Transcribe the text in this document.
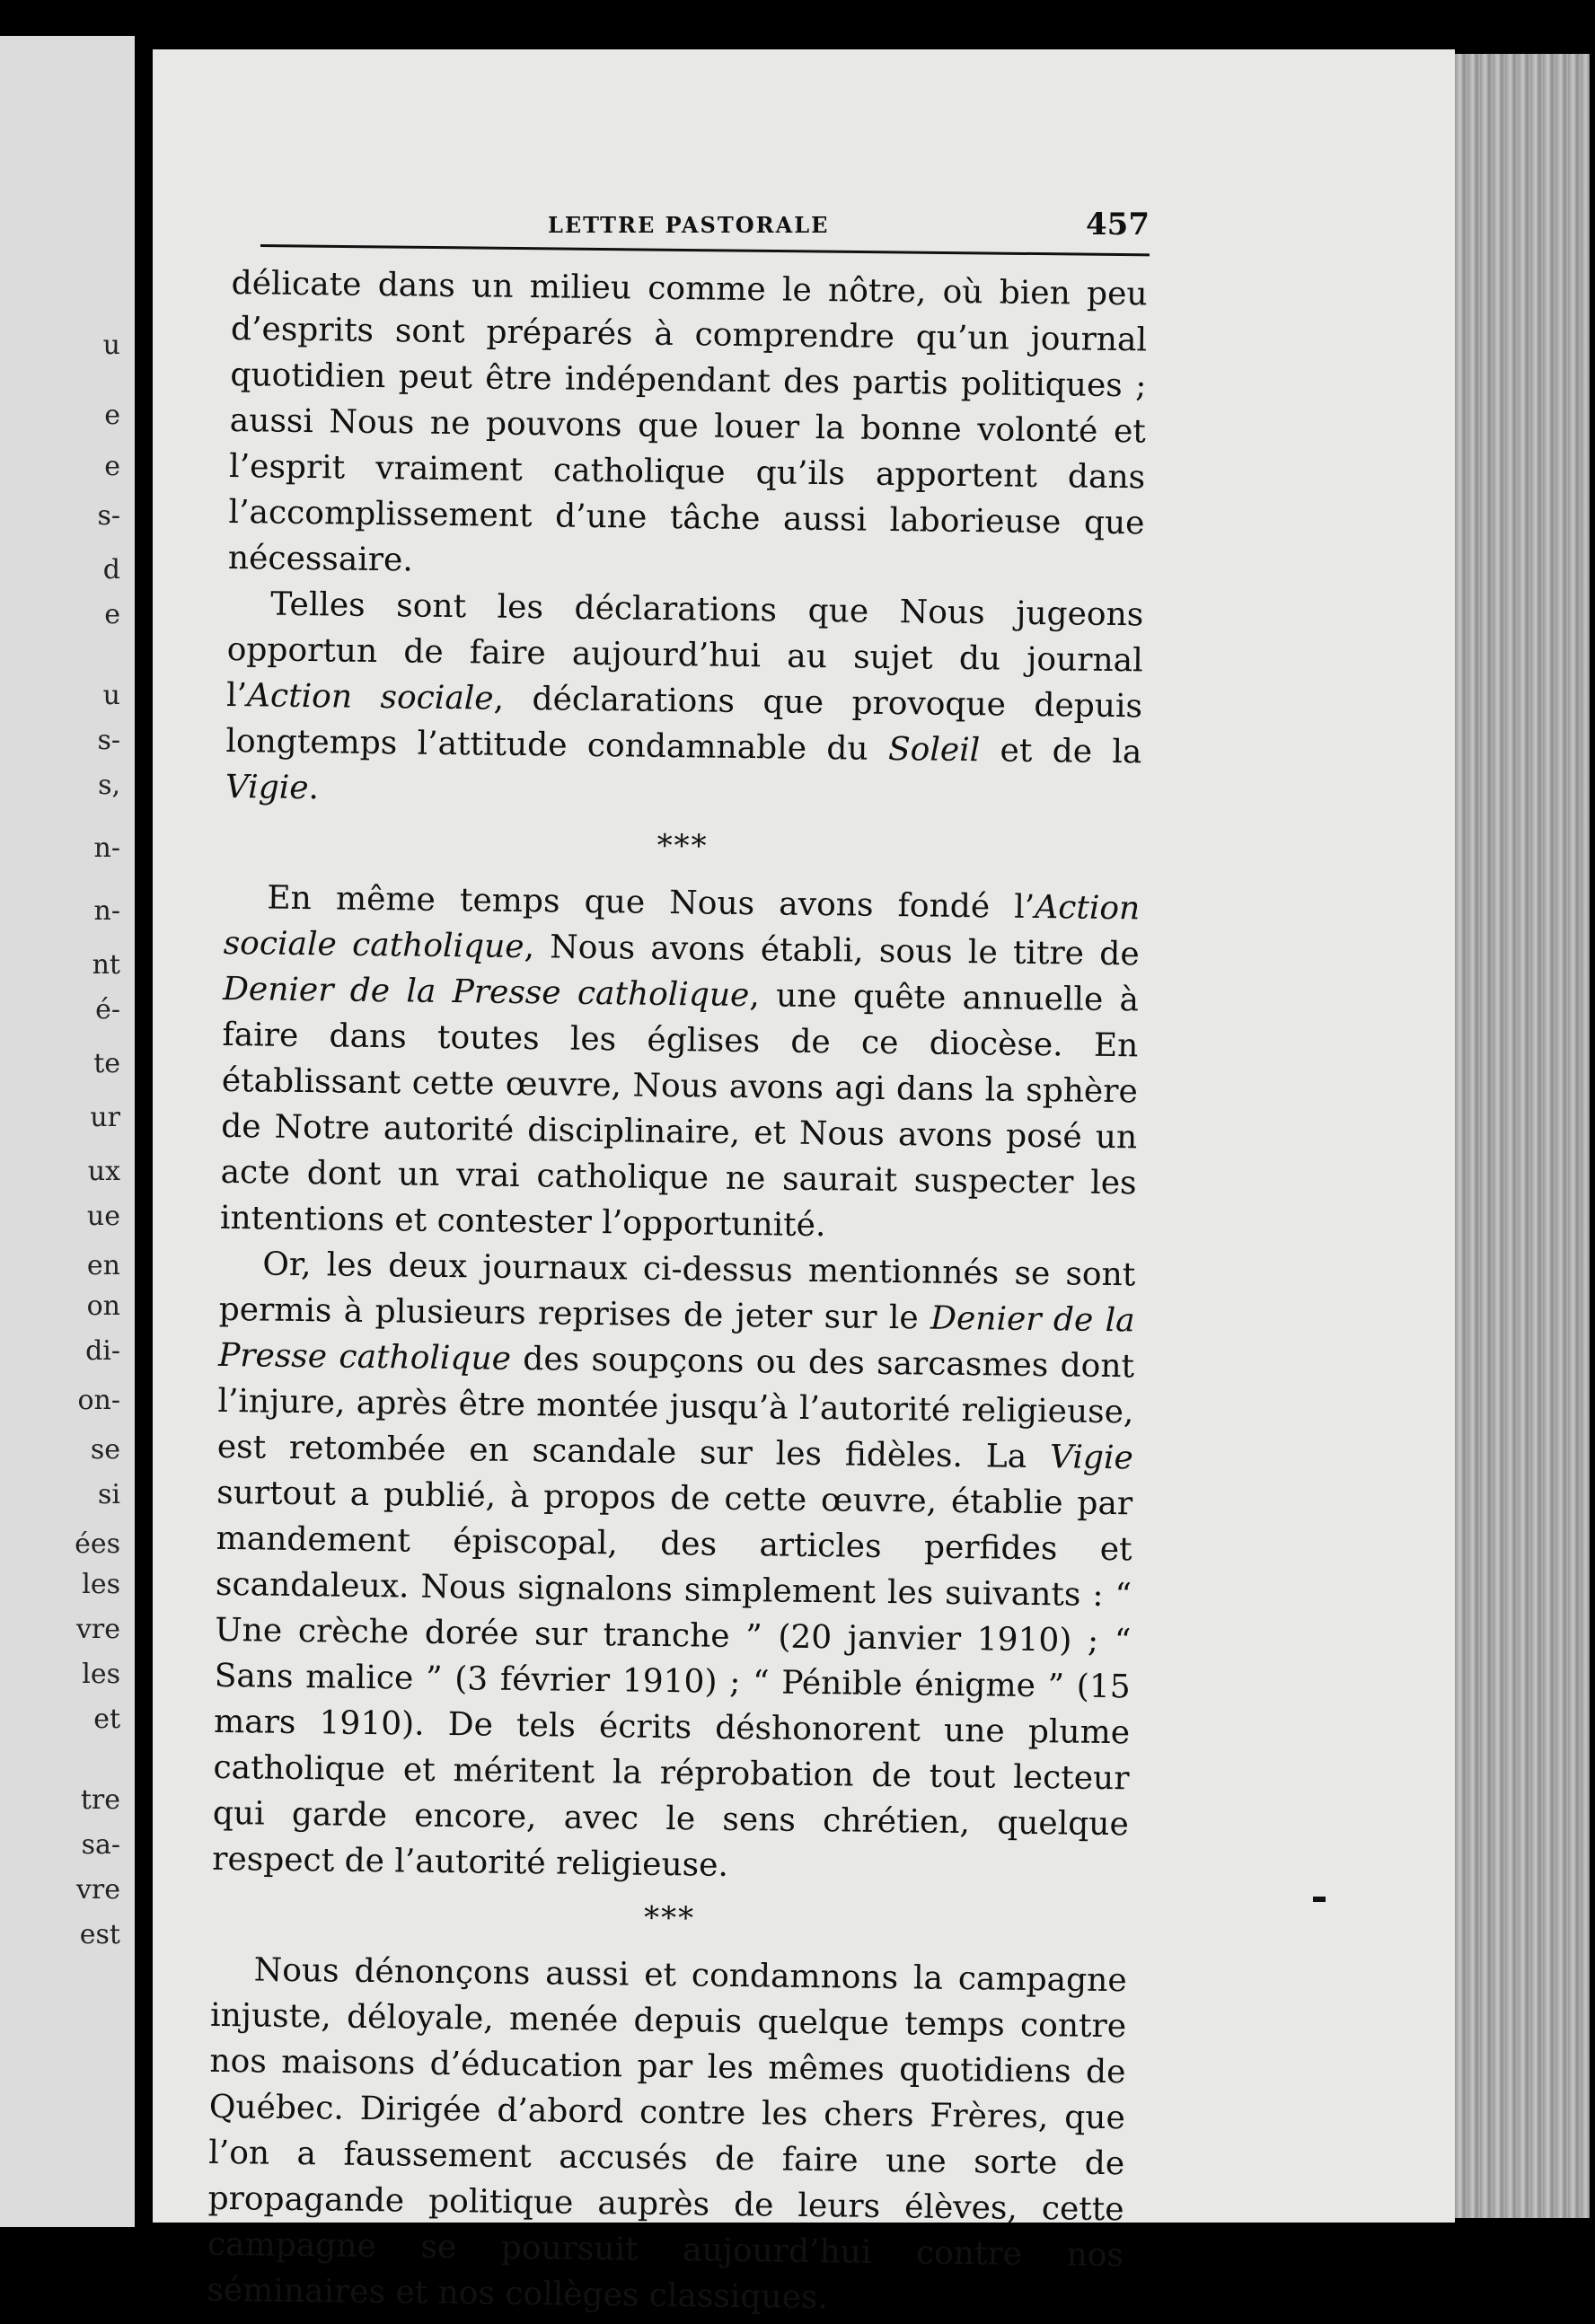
u
e
e
s-
d
e
u
s-
s,
n-
n-
nt
é-
te
ur
ux
ue
en
on
di-
on-
se
si
ées
les
vre
les
et
tre
sa-
vre
est
LETTRE PASTORALE	457

délicate dans un milieu comme le nôtre, où bien peu d’esprits sont préparés à comprendre qu’un journal quotidien peut être indépendant des partis politiques ; aussi Nous ne pouvons que louer la bonne volonté et l’esprit vraiment catholique qu’ils apportent dans l’accomplissement d’une tâche aussi laborieuse que nécessaire.

Telles sont les déclarations que Nous jugeons opportun de faire aujourd’hui au sujet du journal l’Action sociale, déclarations que provoque depuis longtemps l’attitude condamnable du Soleil et de la Vigie.

***

En même temps que Nous avons fondé l’Action sociale catholique, Nous avons établi, sous le titre de Denier de la Presse catholique, une quête annuelle à faire dans toutes les églises de ce diocèse. En établissant cette œuvre, Nous avons agi dans la sphère de Notre autorité disciplinaire, et Nous avons posé un acte dont un vrai catholique ne saurait suspecter les intentions et contester l’opportunité.

Or, les deux journaux ci-dessus mentionnés se sont permis à plusieurs reprises de jeter sur le Denier de la Presse catholique des soupçons ou des sarcasmes dont l’injure, après être montée jusqu’à l’autorité religieuse, est retombée en scandale sur les fidèles. La Vigie surtout a publié, à propos de cette œuvre, établie par mandement épiscopal, des articles perfides et scandaleux. Nous signalons simplement les suivants : “ Une crèche dorée sur tranche ” (20 janvier 1910) ; “ Sans malice ” (3 février 1910) ; “ Pénible énigme ” (15 mars 1910). De tels écrits déshonorent une plume catholique et méritent la réprobation de tout lecteur qui garde encore, avec le sens chrétien, quelque respect de l’autorité religieuse.

***

Nous dénonçons aussi et condamnons la campagne injuste, déloyale, menée depuis quelque temps contre nos maisons d’éducation par les mêmes quotidiens de Québec. Dirigée d’abord contre les chers Frères, que l’on a faussement accusés de faire une sorte de propagande politique auprès de leurs élèves, cette campagne se poursuit aujourd’hui contre nos séminaires et nos collèges classiques.
